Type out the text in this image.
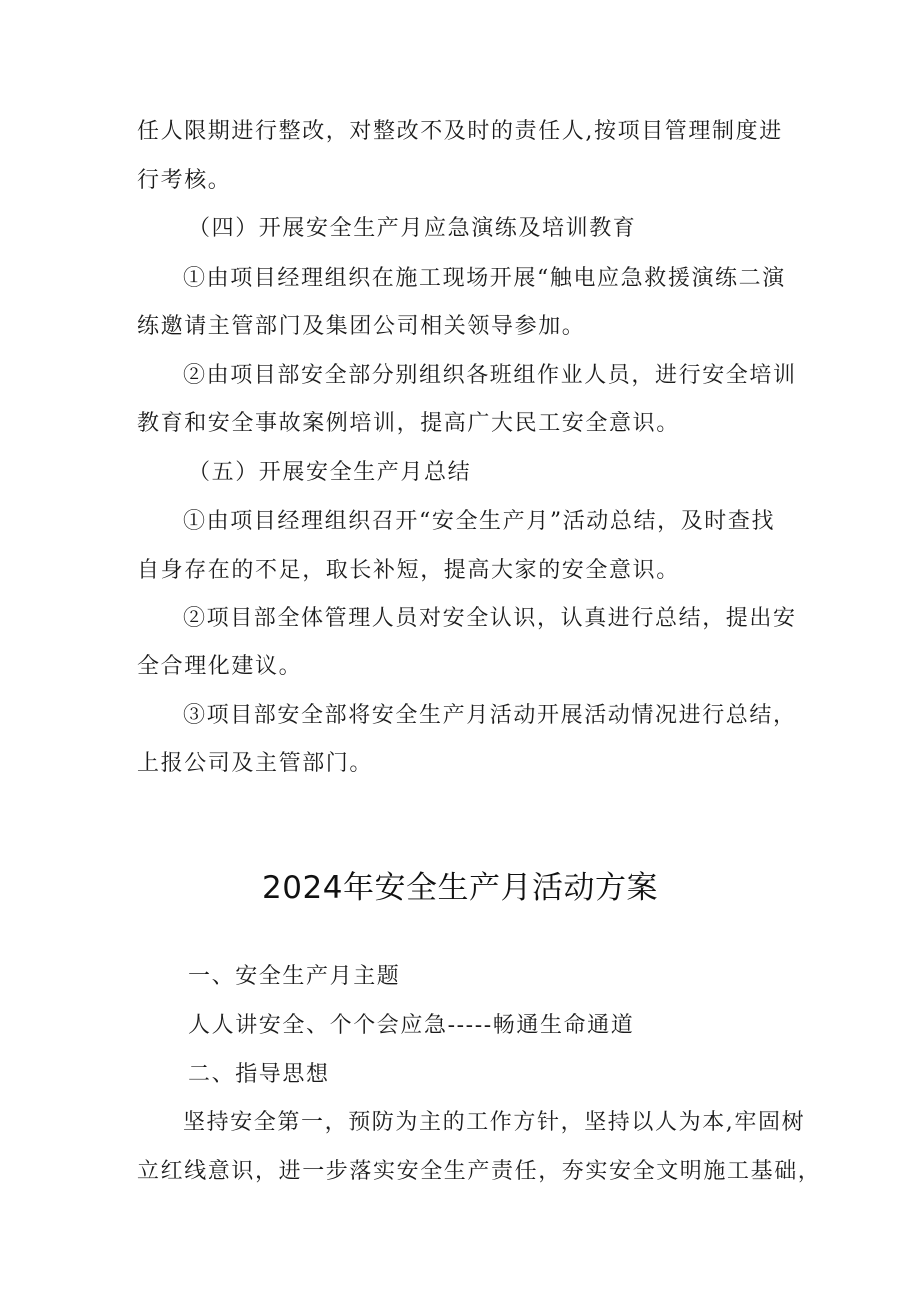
任人限期进行整改，对整改不及时的责任人,按项目管理制度进
行考核。
（四）开展安全生产月应急演练及培训教育
①由项目经理组织在施工现场开展“触电应急救援演练二演
练邀请主管部门及集团公司相关领导参加。
②由项目部安全部分别组织各班组作业人员，进行安全培训
教育和安全事故案例培训，提高广大民工安全意识。
（五）开展安全生产月总结
①由项目经理组织召开“安全生产月”活动总结，及时查找
自身存在的不足，取长补短，提高大家的安全意识。
②项目部全体管理人员对安全认识，认真进行总结，提出安
全合理化建议。
③项目部安全部将安全生产月活动开展活动情况进行总结，
上报公司及主管部门。
2024年安全生产月活动方案
一、安全生产月主题
人人讲安全、个个会应急-----畅通生命通道
二、指导思想
坚持安全第一，预防为主的工作方针，坚持以人为本,牢固树
立红线意识，进一步落实安全生产责任，夯实安全文明施工基础，
